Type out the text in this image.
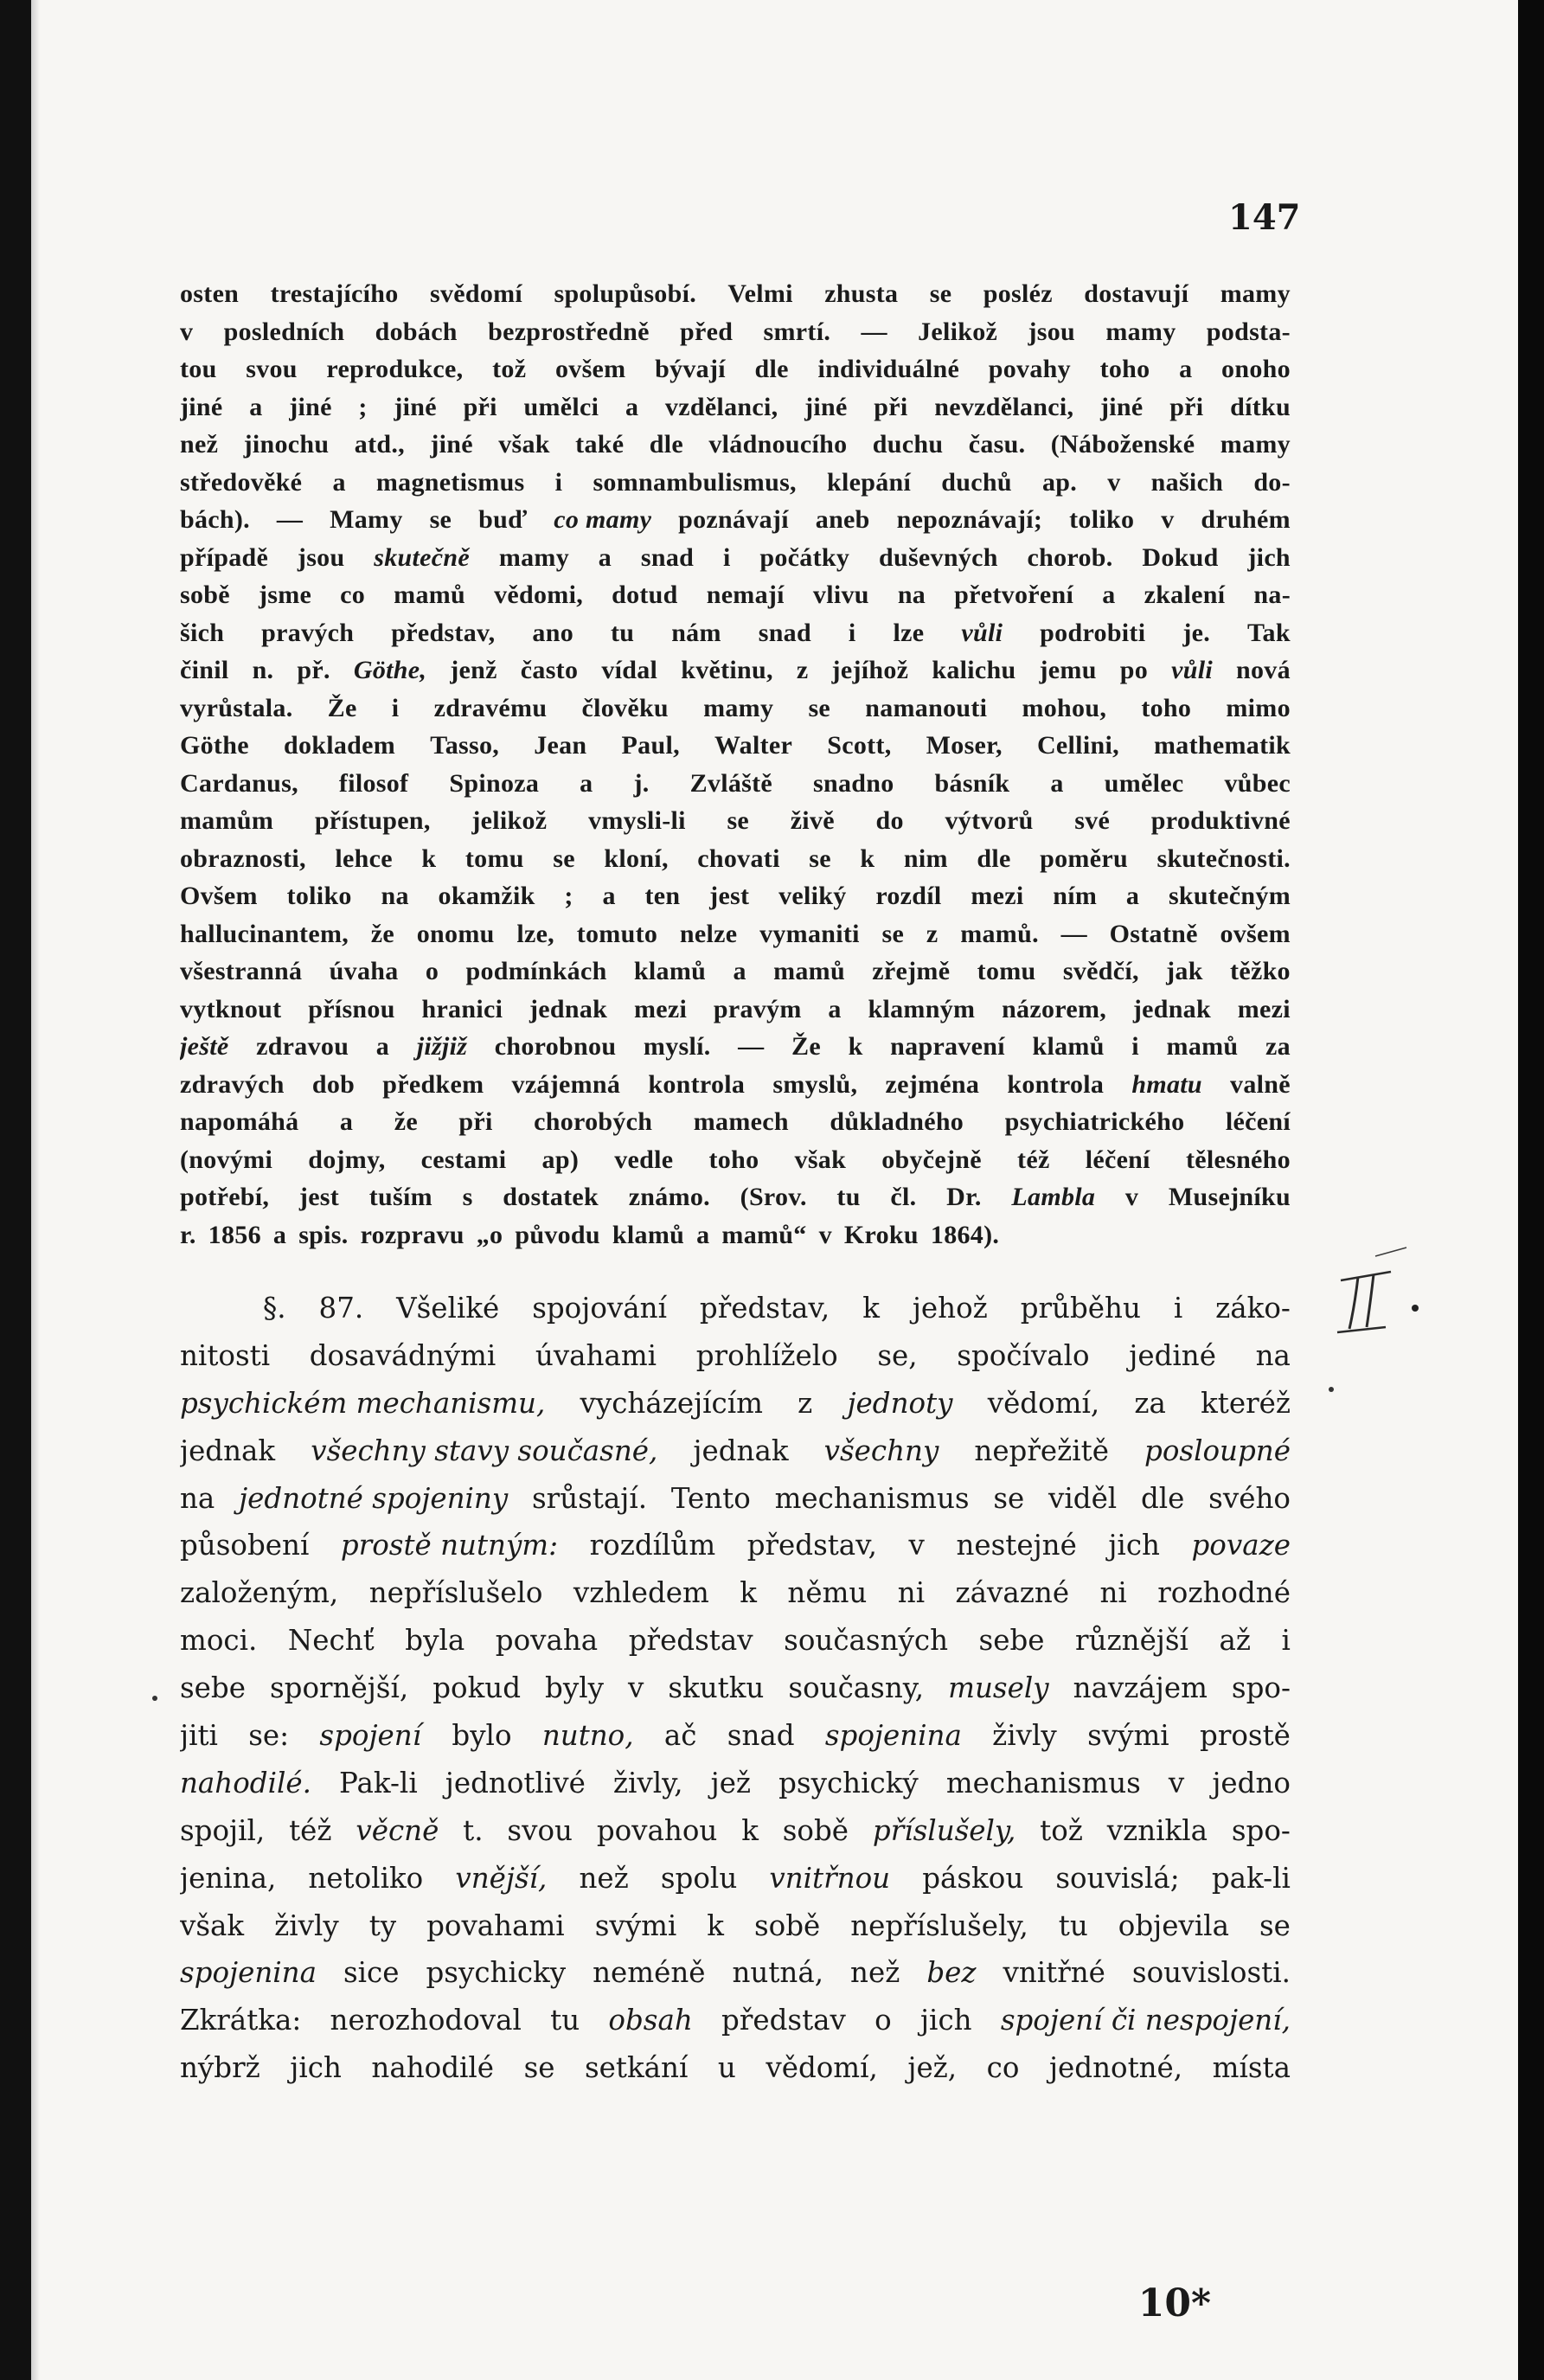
147
osten trestajícího svědomí spolupůsobí. Velmi zhusta se posléz dostavují mamy
v posledních dobách bezprostředně před smrtí. — Jelikož jsou mamy podsta-
tou svou reprodukce, tož ovšem bývají dle individuálné povahy toho a onoho
jiné a jiné ; jiné při umělci a vzdělanci, jiné při nevzdělanci, jiné při dítku
než jinochu atd., jiné však také dle vládnoucího duchu času. (Náboženské mamy
středověké a magnetismus i somnambulismus, klepání duchů ap. v našich do-
bách). — Mamy se buď co mamy poznávají aneb nepoznávají; toliko v druhém
případě jsou skutečně mamy a snad i počátky duševných chorob. Dokud jich
sobě jsme co mamů vědomi, dotud nemají vlivu na přetvoření a zkalení na-
šich pravých představ, ano tu nám snad i lze vůli podrobiti je. Tak
činil n. př. Göthe, jenž často vídal květinu, z jejíhož kalichu jemu po vůli nová
vyrůstala. Že i zdravému člověku mamy se namanouti mohou, toho mimo
Göthe dokladem Tasso, Jean Paul, Walter Scott, Moser, Cellini, mathematik
Cardanus, filosof Spinoza a j. Zvláště snadno básník a umělec vůbec
mamům přístupen, jelikož vmysli-li se živě do výtvorů své produktivné
obraznosti, lehce k tomu se kloní, chovati se k nim dle poměru skutečnosti.
Ovšem toliko na okamžik ; a ten jest veliký rozdíl mezi ním a skutečným
hallucinantem, že onomu lze, tomuto nelze vymaniti se z mamů. — Ostatně ovšem
všestranná úvaha o podmínkách klamů a mamů zřejmě tomu svědčí, jak těžko
vytknout přísnou hranici jednak mezi pravým a klamným názorem, jednak mezi
ještě zdravou a jižjiž chorobnou myslí. — Že k napravení klamů i mamů za
zdravých dob předkem vzájemná kontrola smyslů, zejména kontrola hmatu valně
napomáhá a že při chorobých mamech důkladného psychiatrického léčení
(novými dojmy, cestami ap) vedle toho však obyčejně též léčení tělesného
potřebí, jest tuším s dostatek známo. (Srov. tu čl. Dr. Lambla v Musejníku
r. 1856 a spis. rozpravu „o původu klamů a mamů“ v Kroku 1864).
§. 87. Všeliké spojování představ, k jehož průběhu i záko-
nitosti dosavádnými úvahami prohlíželo se, spočívalo jediné na
psychickém mechanismu, vycházejícím z jednoty vědomí, za kteréž
jednak všechny stavy současné, jednak všechny nepřežitě posloupné
na jednotné spojeniny srůstají. Tento mechanismus se viděl dle svého
působení prostě nutným: rozdílům představ, v nestejné jich povaze
založeným, nepříslušelo vzhledem k němu ni závazné ni rozhodné
moci. Nechť byla povaha představ současných sebe různější až i
sebe spornější, pokud byly v skutku současny, musely navzájem spo-
jiti se: spojení bylo nutno, ač snad spojenina živly svými prostě
nahodilé. Pak-li jednotlivé živly, jež psychický mechanismus v jedno
spojil, též věcně t. svou povahou k sobě příslušely, tož vznikla spo-
jenina, netoliko vnější, než spolu vnitřnou páskou souvislá; pak-li
však živly ty povahami svými k sobě nepříslušely, tu objevila se
spojenina sice psychicky neméně nutná, než bez vnitřné souvislosti.
Zkrátka: nerozhodoval tu obsah představ o jich spojení či nespojení,
nýbrž jich nahodilé se setkání u vědomí, jež, co jednotné, místa
10*
